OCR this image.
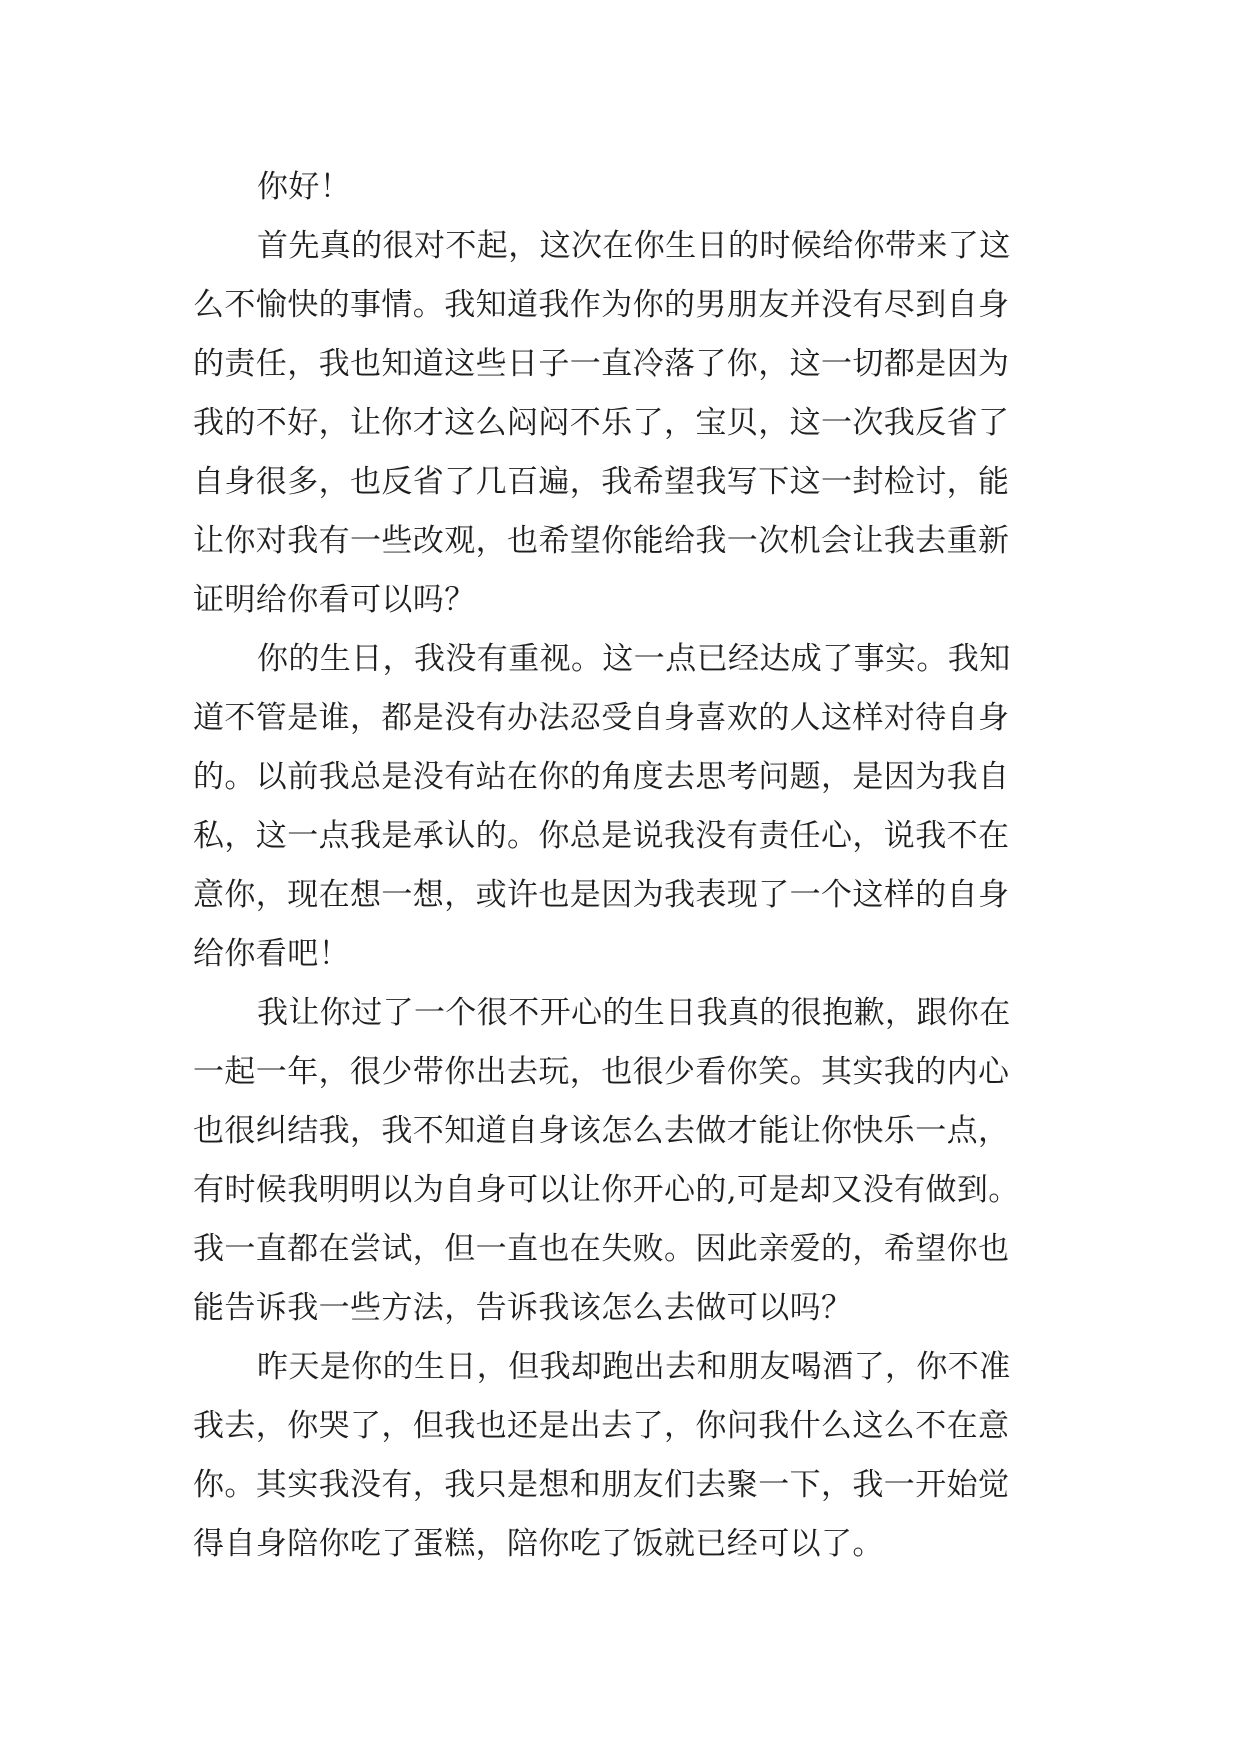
你好！
首先真的很对不起，这次在你生日的时候给你带来了这
么不愉快的事情。我知道我作为你的男朋友并没有尽到自身
的责任，我也知道这些日子一直冷落了你，这一切都是因为
我的不好，让你才这么闷闷不乐了，宝贝，这一次我反省了
自身很多，也反省了几百遍，我希望我写下这一封检讨，能
让你对我有一些改观，也希望你能给我一次机会让我去重新
证明给你看可以吗？
你的生日，我没有重视。这一点已经达成了事实。我知
道不管是谁，都是没有办法忍受自身喜欢的人这样对待自身
的。以前我总是没有站在你的角度去思考问题，是因为我自
私，这一点我是承认的。你总是说我没有责任心，说我不在
意你，现在想一想，或许也是因为我表现了一个这样的自身
给你看吧！
我让你过了一个很不开心的生日我真的很抱歉，跟你在
一起一年，很少带你出去玩，也很少看你笑。其实我的内心
也很纠结我，我不知道自身该怎么去做才能让你快乐一点，
有时候我明明以为自身可以让你开心的,可是却又没有做到。
我一直都在尝试，但一直也在失败。因此亲爱的，希望你也
能告诉我一些方法，告诉我该怎么去做可以吗？
昨天是你的生日，但我却跑出去和朋友喝酒了，你不准
我去，你哭了，但我也还是出去了，你问我什么这么不在意
你。其实我没有，我只是想和朋友们去聚一下，我一开始觉
得自身陪你吃了蛋糕，陪你吃了饭就已经可以了。
